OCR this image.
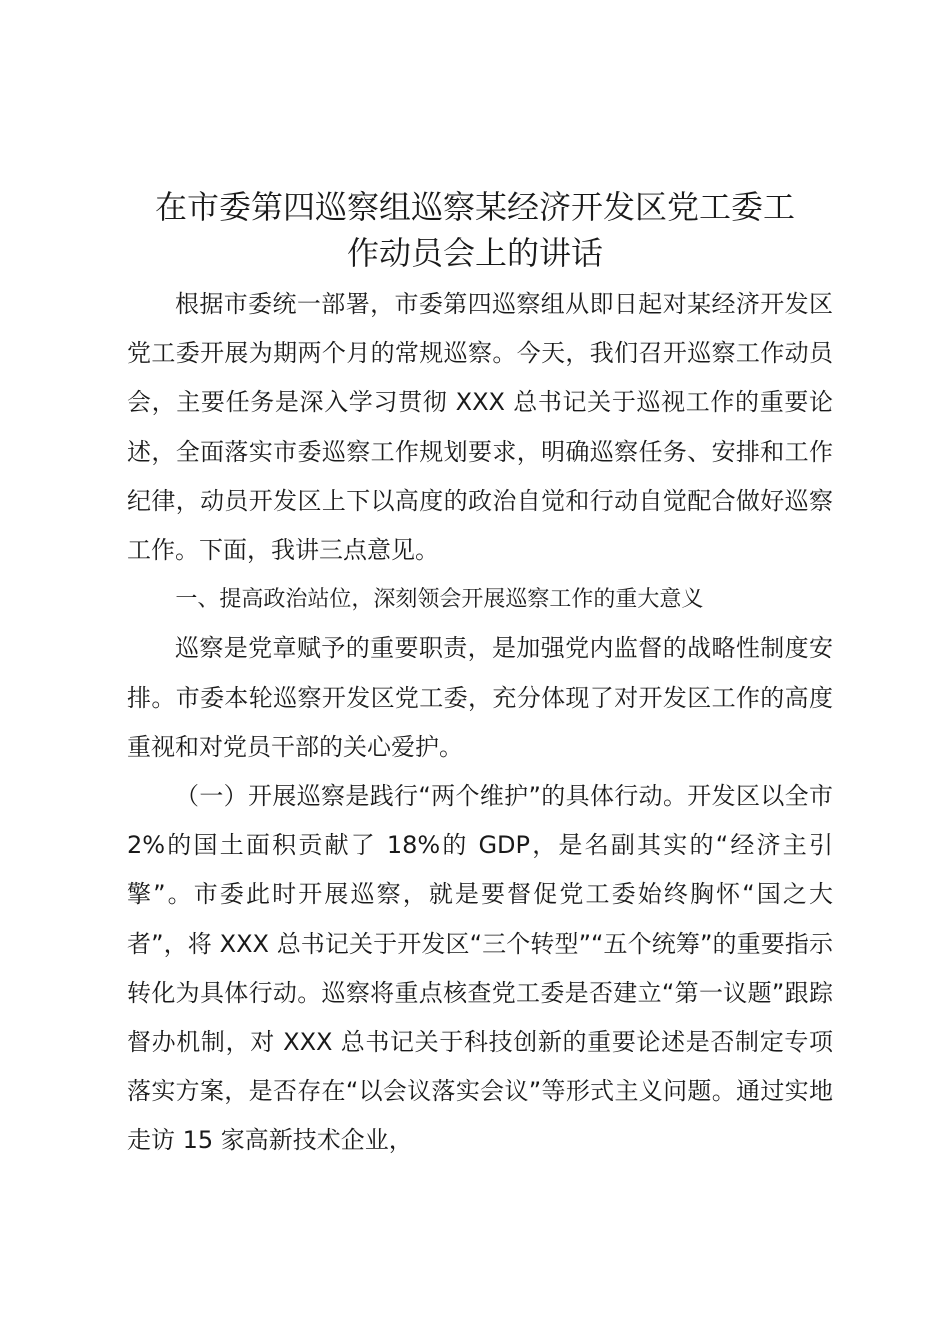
在市委第四巡察组巡察某经济开发区党工委工
作动员会上的讲话

根据市委统一部署，市委第四巡察组从即日起对某经济开发区党工委开展为期两个月的常规巡察。今天，我们召开巡察工作动员会，主要任务是深入学习贯彻 XXX 总书记关于巡视工作的重要论述，全面落实市委巡察工作规划要求，明确巡察任务、安排和工作纪律，动员开发区上下以高度的政治自觉和行动自觉配合做好巡察工作。下面，我讲三点意见。

一、提高政治站位，深刻领会开展巡察工作的重大意义

巡察是党章赋予的重要职责，是加强党内监督的战略性制度安排。市委本轮巡察开发区党工委，充分体现了对开发区工作的高度重视和对党员干部的关心爱护。

（一）开展巡察是践行“两个维护”的具体行动。开发区以全市 2%的国土面积贡献了 18%的 GDP，是名副其实的“经济主引擎”。市委此时开展巡察，就是要督促党工委始终胸怀“国之大者”，将 XXX 总书记关于开发区“三个转型”“五个统筹”的重要指示转化为具体行动。巡察将重点核查党工委是否建立“第一议题”跟踪督办机制，对 XXX 总书记关于科技创新的重要论述是否制定专项落实方案，是否存在“以会议落实会议”等形式主义问题。通过实地走访 15 家高新技术企业，
